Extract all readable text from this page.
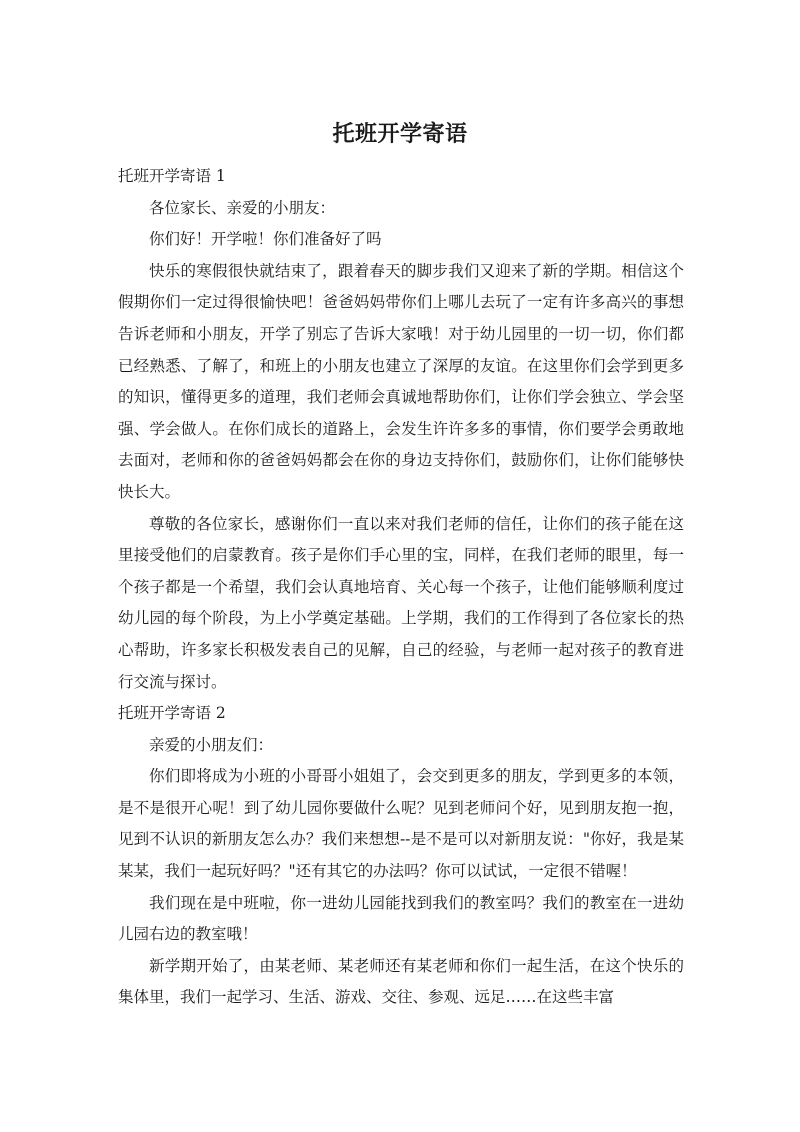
托班开学寄语

托班开学寄语 1

各位家长、亲爱的小朋友：

你们好！开学啦！你们准备好了吗

快乐的寒假很快就结束了，跟着春天的脚步我们又迎来了新的学期。相信这个假期你们一定过得很愉快吧！爸爸妈妈带你们上哪儿去玩了一定有许多高兴的事想告诉老师和小朋友，开学了别忘了告诉大家哦！对于幼儿园里的一切一切，你们都已经熟悉、了解了，和班上的小朋友也建立了深厚的友谊。在这里你们会学到更多的知识，懂得更多的道理，我们老师会真诚地帮助你们，让你们学会独立、学会坚强、学会做人。在你们成长的道路上，会发生许许多多的事情，你们要学会勇敢地去面对，老师和你的爸爸妈妈都会在你的身边支持你们，鼓励你们，让你们能够快快长大。

尊敬的各位家长，感谢你们一直以来对我们老师的信任，让你们的孩子能在这里接受他们的启蒙教育。孩子是你们手心里的宝，同样，在我们老师的眼里，每一个孩子都是一个希望，我们会认真地培育、关心每一个孩子，让他们能够顺利度过幼儿园的每个阶段，为上小学奠定基础。上学期，我们的工作得到了各位家长的热心帮助，许多家长积极发表自己的见解，自己的经验，与老师一起对孩子的教育进行交流与探讨。

托班开学寄语 2

亲爱的小朋友们：

你们即将成为小班的小哥哥小姐姐了，会交到更多的朋友，学到更多的本领，是不是很开心呢！到了幼儿园你要做什么呢？见到老师问个好，见到朋友抱一抱，见到不认识的新朋友怎么办？我们来想想--是不是可以对新朋友说："你好，我是某某某，我们一起玩好吗？"还有其它的办法吗？你可以试试，一定很不错喔！

我们现在是中班啦，你一进幼儿园能找到我们的教室吗？我们的教室在一进幼儿园右边的教室哦！

新学期开始了，由某老师、某老师还有某老师和你们一起生活，在这个快乐的集体里，我们一起学习、生活、游戏、交往、参观、远足……在这些丰富
